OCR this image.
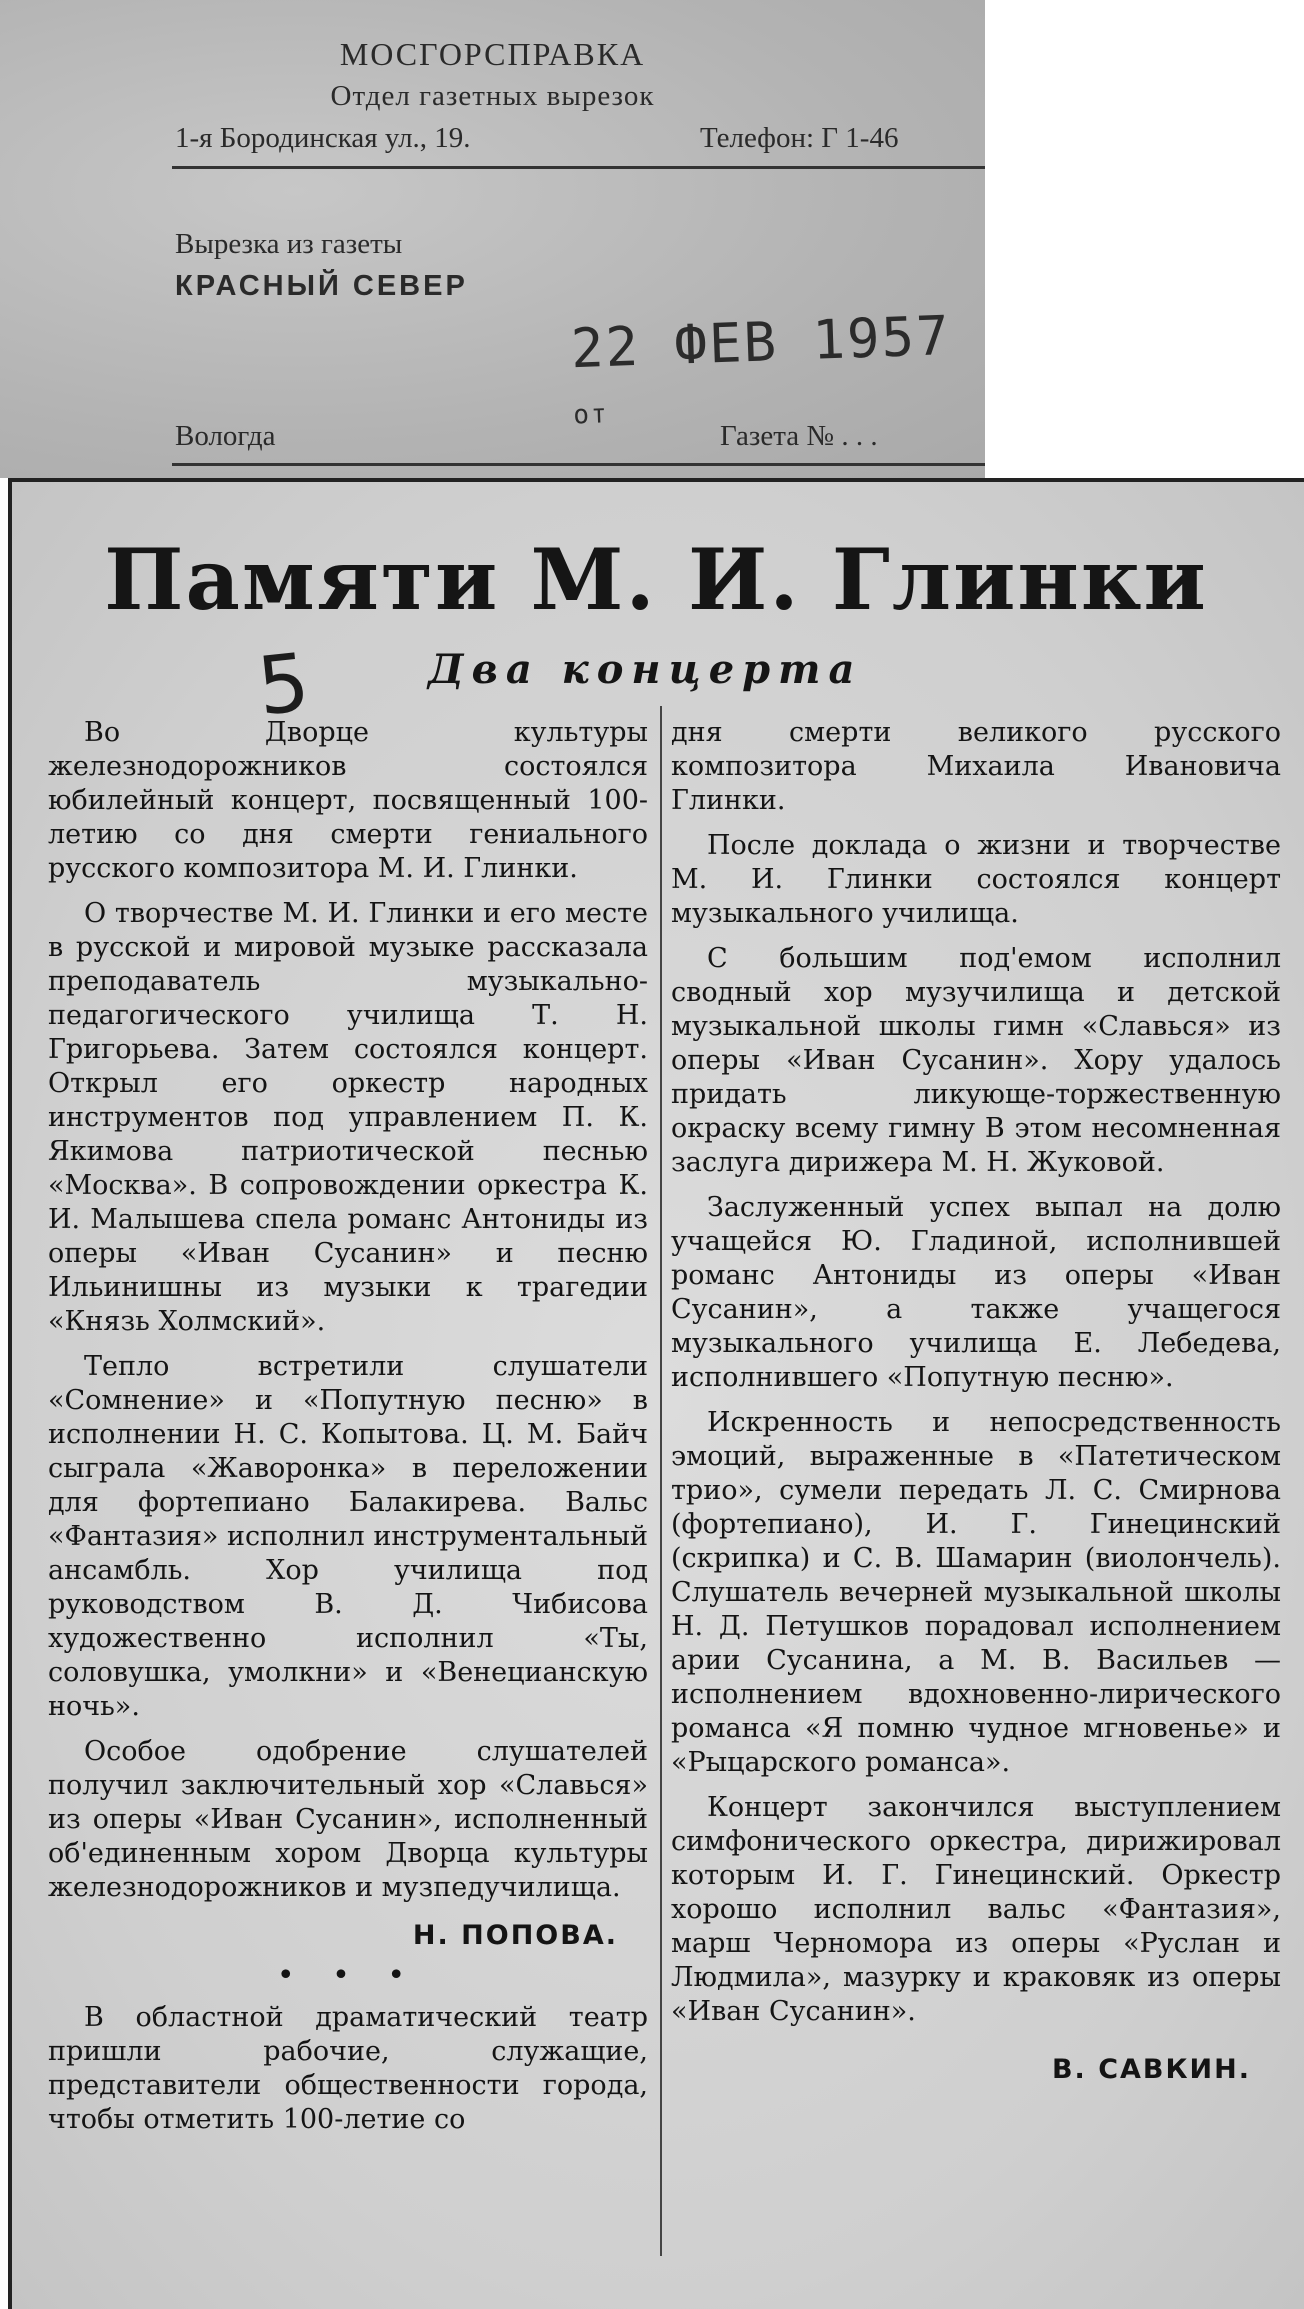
МОСГОРСПРАВКА
Отдел газетных вырезок
1-я Бородинская ул., 19.	Телефон: Г 1-46
Вырезка из газеты
КРАСНЫЙ СЕВЕР
22 ФЕВ 1957 от
Вологда	Газета № . . .
Памяти М. И. Глинки
5	Два концерта

Во Дворце культуры железнодорожников состоялся юбилейный концерт, посвященный 100-летию со дня смерти гениального русского композитора М. И. Глинки.

О творчестве М. И. Глинки и его месте в русской и мировой музыке рассказала преподаватель музыкально-педагогического училища Т. Н. Григорьева. Затем состоялся концерт. Открыл его оркестр народных инструментов под управлением П. К. Якимова патриотической песнью «Москва». В сопровождении оркестра К. И. Малышева спела романс Антониды из оперы «Иван Сусанин» и песню Ильинишны из музыки к трагедии «Князь Холмский».

Тепло встретили слушатели «Сомнение» и «Попутную песню» в исполнении Н. С. Копытова. Ц. М. Байч сыграла «Жаворонка» в переложении для фортепиано Балакирева. Вальс «Фантазия» исполнил инструментальный ансамбль. Хор училища под руководством В. Д. Чибисова художественно исполнил «Ты, соловушка, умолкни» и «Венецианскую ночь».

Особое одобрение слушателей получил заключительный хор «Славься» из оперы «Иван Сусанин», исполненный об'единенным хором Дворца культуры железнодорожников и музпедучилища.

Н. ПОПОВА.
• • •

В областной драматический театр пришли рабочие, служащие, представители общественности города, чтобы отметить 100-летие со

дня смерти великого русского композитора Михаила Ивановича Глинки.

После доклада о жизни и творчестве М. И. Глинки состоялся концерт музыкального училища.

С большим под'емом исполнил сводный хор музучилища и детской музыкальной школы гимн «Славься» из оперы «Иван Сусанин». Хору удалось придать ликующе-торжественную окраску всему гимну В этом несомненная заслуга дирижера М. Н. Жуковой.

Заслуженный успех выпал на долю учащейся Ю. Гладиной, исполнившей романс Антониды из оперы «Иван Сусанин», а также учащегося музыкального училища Е. Лебедева, исполнившего «Попутную песню».

Искренность и непосредственность эмоций, выраженные в «Патетическом трио», сумели передать Л. С. Смирнова (фортепиано), И. Г. Гинецинский (скрипка) и С. В. Шамарин (виолончель). Слушатель вечерней музыкальной школы Н. Д. Петушков порадовал исполнением арии Сусанина, а М. В. Васильев — исполнением вдохновенно-лирического романса «Я помню чудное мгновенье» и «Рыцарского романса».

Концерт закончился выступлением симфонического оркестра, дирижировал которым И. Г. Гинецинский. Оркестр хорошо исполнил вальс «Фантазия», марш Черномора из оперы «Руслан и Людмила», мазурку и краковяк из оперы «Иван Сусанин».

В. САВКИН.
